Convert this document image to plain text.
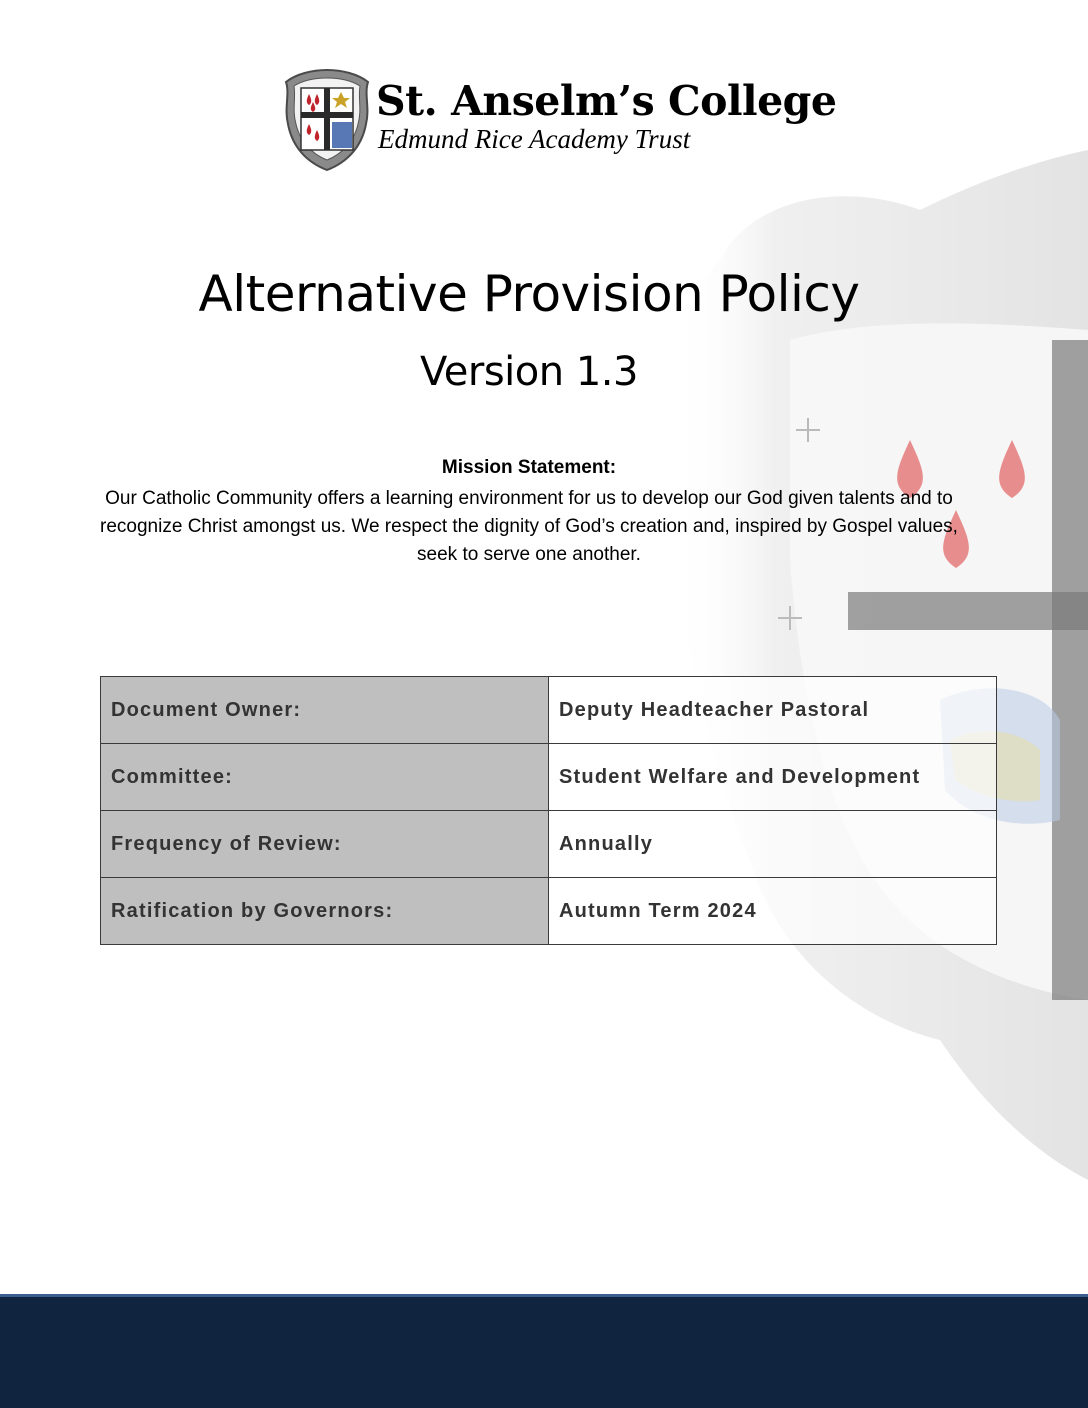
St. Anselm’s College
Edmund Rice Academy Trust
Alternative Provision Policy
Version 1.3
Mission Statement:
Our Catholic Community offers a learning environment for us to develop our God given talents and to recognize Christ amongst us. We respect the dignity of God’s creation and, inspired by Gospel values, seek to serve one another.
Document Owner:	Deputy Headteacher Pastoral
Committee:	Student Welfare and Development
Frequency of Review:	Annually
Ratification by Governors:	Autumn Term 2024
